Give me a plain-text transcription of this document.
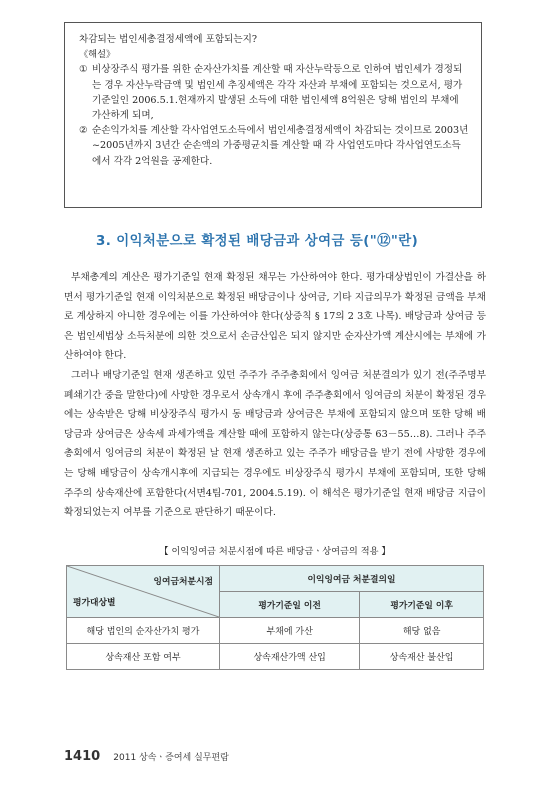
차감되는 법인세총결정세액에 포함되는지?

《해설》

① 비상장주식 평가를 위한 순자산가치를 계산할 때 자산누락등으로 인하여 법인세가 경정되는 경우 자산누락금액 및 법인세 추징세액은 각각 자산과 부채에 포함되는 것으로서, 평가기준일인 2006.5.1.현재까지 발생된 소득에 대한 법인세액 8억원은 당해 법인의 부채에 가산하게 되며,
② 순손익가치를 계산할 각사업연도소득에서 법인세총결정세액이 차감되는 것이므로 2003년~2005년까지 3년간 순손액의 가중평균치를 계산할 때 각 사업연도마다 각사업연도소득에서 각각 2억원을 공제한다.
3. 이익처분으로 확정된 배당금과 상여금 등("⑫"란)

부채총계의 계산은 평가기준일 현재 확정된 채무는 가산하여야 한다. 평가대상법인이 가결산을 하면서 평가기준일 현재 이익처분으로 확정된 배당금이나 상여금, 기타 지급의무가 확정된 금액을 부채로 계상하지 아니한 경우에는 이를 가산하여야 한다(상증칙 § 17의 2 3호 나목). 배당금과 상여금 등은 법인세법상 소득처분에 의한 것으로서 손금산입은 되지 않지만 순자산가액 계산시에는 부채에 가산하여야 한다.

그러나 배당기준일 현재 생존하고 있던 주주가 주주총회에서 잉여금 처분결의가 있기 전(주주명부 폐쇄기간 중을 말한다)에 사망한 경우로서 상속개시 후에 주주총회에서 잉여금의 처분이 확정된 경우에는 상속받은 당해 비상장주식 평가시 동 배당금과 상여금은 부채에 포함되지 않으며 또한 당해 배당금과 상여금은 상속세 과세가액을 계산할 때에 포함하지 않는다(상증통 63－55…8). 그러나 주주총회에서 잉여금의 처분이 확정된 날 현재 생존하고 있는 주주가 배당금을 받기 전에 사망한 경우에는 당해 배당금이 상속개시후에 지급되는 경우에도 비상장주식 평가시 부채에 포함되며, 또한 당해 주주의 상속재산에 포함한다(서면4팀-701, 2004.5.19). 이 해석은 평가기준일 현재 배당금 지급이 확정되었는지 여부를 기준으로 판단하기 때문이다.

【 이익잉여금 처분시점에 따른 배당금ㆍ상여금의 적용 】
잉여금처분시점
평가대상별	이익잉여금 처분결의일	
	평가기준일 이전	평가기준일 이후
해당 법인의 순자산가치 평가	부채에 가산	해당 없음
상속재산 포함 여부	상속재산가액 산입	상속재산 불산입
1410 2011 상속ㆍ증여세 실무편람
